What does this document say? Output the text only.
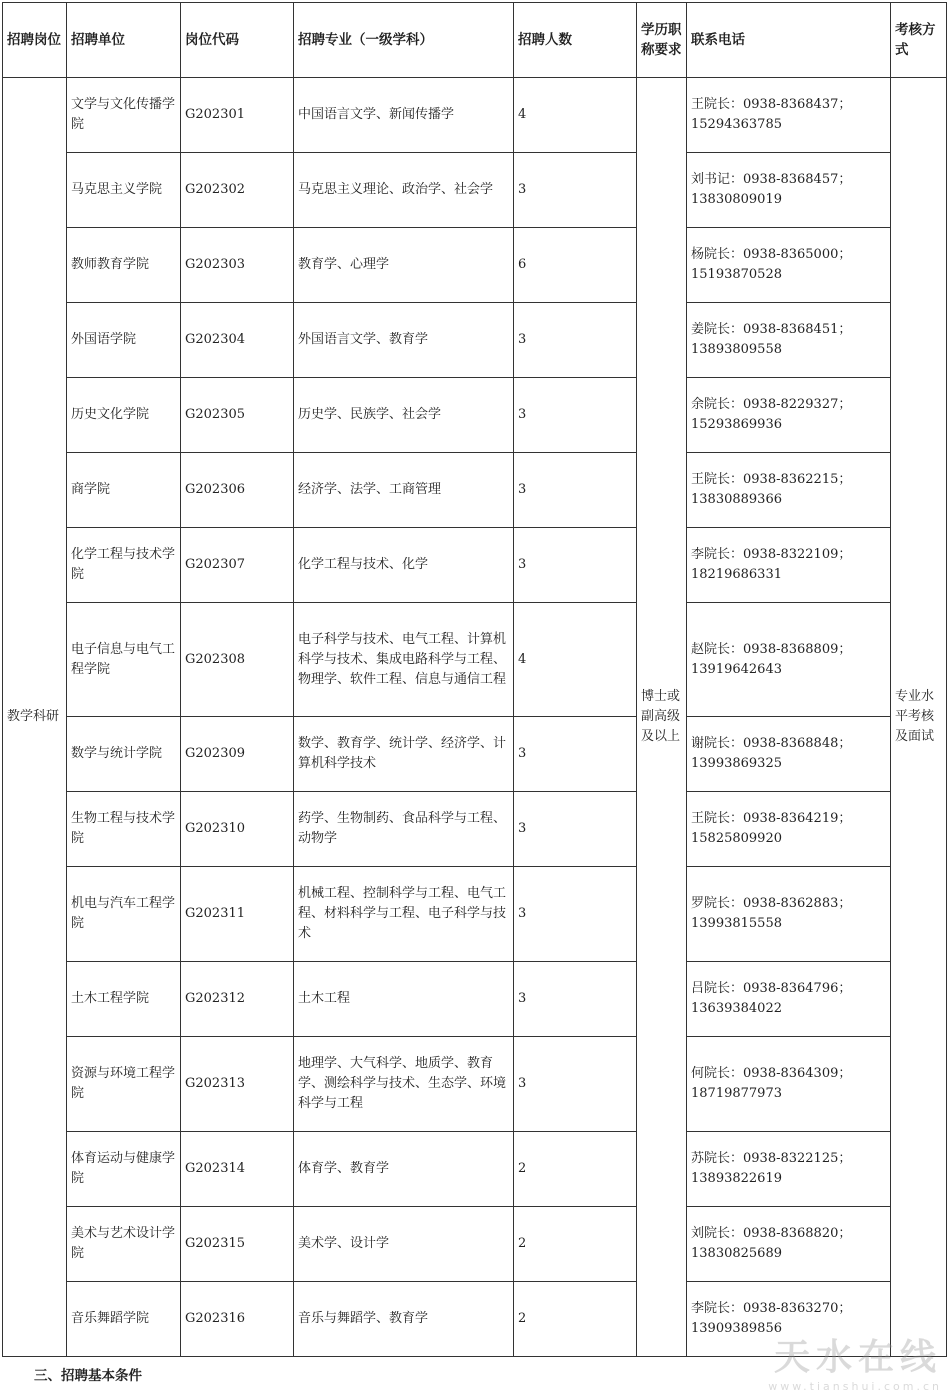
招聘岗位	招聘单位	岗位代码	招聘专业（一级学科）	招聘人数	学历职称要求	联系电话	考核方式
教学科研	文学与文化传播学院	G202301	中国语言文学、新闻传播学	4	博士或副高级及以上	王院长：0938-8368437；15294363785	专业水平考核及面试
	马克思主义学院	G202302	马克思主义理论、政治学、社会学	3		刘书记：0938-8368457；13830809019	
	教师教育学院	G202303	教育学、心理学	6		杨院长：0938-8365000；15193870528	
	外国语学院	G202304	外国语言文学、教育学	3		姜院长：0938-8368451；13893809558	
	历史文化学院	G202305	历史学、民族学、社会学	3		余院长：0938-8229327；15293869936	
	商学院	G202306	经济学、法学、工商管理	3		王院长：0938-8362215；13830889366	
	化学工程与技术学院	G202307	化学工程与技术、化学	3		李院长：0938-8322109；18219686331	
	电子信息与电气工程学院	G202308	电子科学与技术、电气工程、计算机科学与技术、集成电路科学与工程、物理学、软件工程、信息与通信工程	4		赵院长：0938-8368809；13919642643	
	数学与统计学院	G202309	数学、教育学、统计学、经济学、计算机科学技术	3		谢院长：0938-8368848；13993869325	
	生物工程与技术学院	G202310	药学、生物制药、食品科学与工程、动物学	3		王院长：0938-8364219；15825809920	
	机电与汽车工程学院	G202311	机械工程、控制科学与工程、电气工程、材料科学与工程、电子科学与技术	3		罗院长：0938-8362883；13993815558	
	土木工程学院	G202312	土木工程	3		吕院长：0938-8364796；13639384022	
	资源与环境工程学院	G202313	地理学、大气科学、地质学、教育学、测绘科学与技术、生态学、环境科学与工程	3		何院长：0938-8364309；18719877973	
	体育运动与健康学院	G202314	体育学、教育学	2		苏院长：0938-8322125；13893822619	
	美术与艺术设计学院	G202315	美术学、设计学	2		刘院长：0938-8368820；13830825689	
	音乐舞蹈学院	G202316	音乐与舞蹈学、教育学	2		李院长：0938-8363270；13909389856	
三、招聘基本条件	天水在线
www.tianshui.com.cn
